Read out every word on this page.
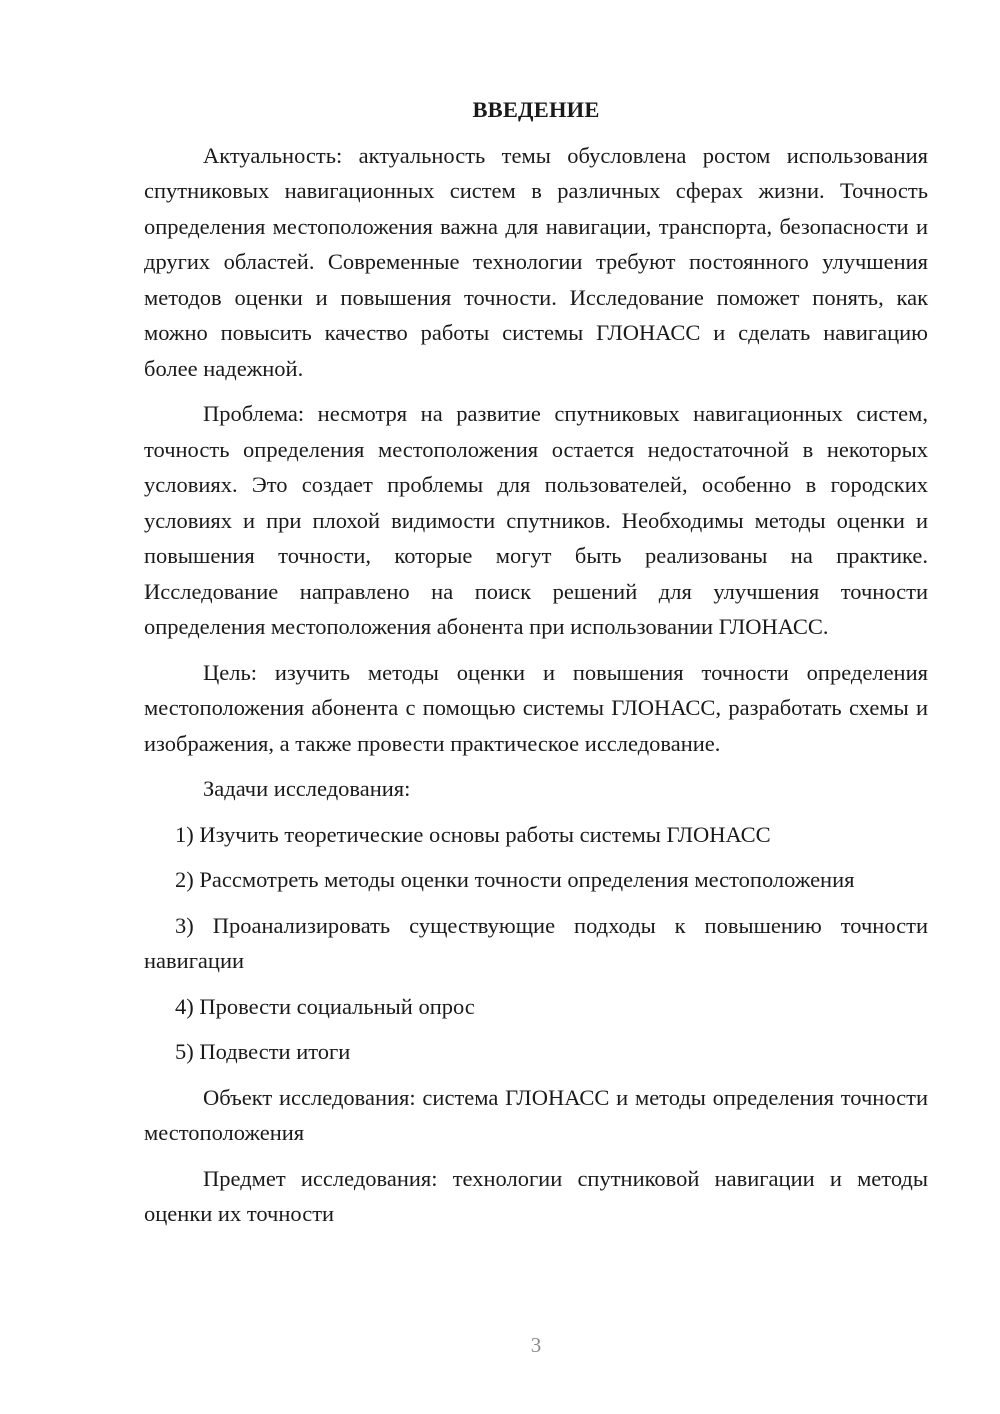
ВВЕДЕНИЕ

Актуальность: актуальность темы обусловлена ростом использования спутниковых навигационных систем в различных сферах жизни. Точность определения местоположения важна для навигации, транспорта, безопасности и других областей. Современные технологии требуют постоянного улучшения методов оценки и повышения точности. Исследование поможет понять, как можно повысить качество работы системы ГЛОНАСС и сделать навигацию более надежной.

Проблема: несмотря на развитие спутниковых навигационных систем, точность определения местоположения остается недостаточной в некоторых условиях. Это создает проблемы для пользователей, особенно в городских условиях и при плохой видимости спутников. Необходимы методы оценки и повышения точности, которые могут быть реализованы на практике. Исследование направлено на поиск решений для улучшения точности определения местоположения абонента при использовании ГЛОНАСС.

Цель: изучить методы оценки и повышения точности определения местоположения абонента с помощью системы ГЛОНАСС, разработать схемы и изображения, а также провести практическое исследование.

Задачи исследования:

1) Изучить теоретические основы работы системы ГЛОНАСС

2) Рассмотреть методы оценки точности определения местоположения

3) Проанализировать существующие подходы к повышению точности навигации

4) Провести социальный опрос

5) Подвести итоги

Объект исследования: система ГЛОНАСС и методы определения точности местоположения

Предмет исследования: технологии спутниковой навигации и методы оценки их точности

3
